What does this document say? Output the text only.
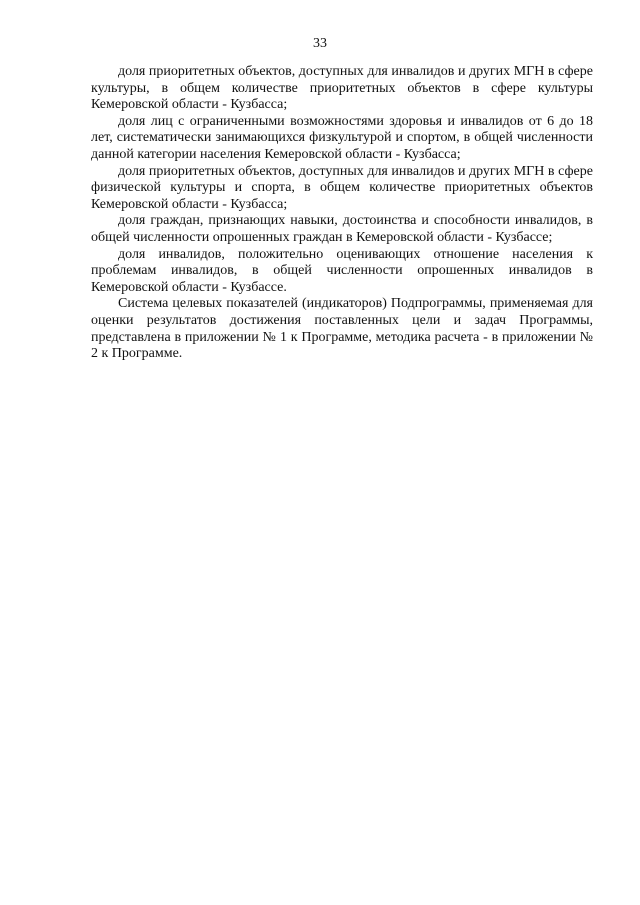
33

доля приоритетных объектов, доступных для инвалидов и других МГН в сфере культуры, в общем количестве приоритетных объектов в сфере культуры Кемеровской области - Кузбасса;

доля лиц с ограниченными возможностями здоровья и инвалидов от 6 до 18 лет, систематически занимающихся физкультурой и спортом, в общей численности данной категории населения Кемеровской области - Кузбасса;

доля приоритетных объектов, доступных для инвалидов и других МГН в сфере физической культуры и спорта, в общем количестве приоритетных объектов Кемеровской области - Кузбасса;

доля граждан, признающих навыки, достоинства и способности инвалидов, в общей численности опрошенных граждан в Кемеровской области - Кузбассе;

доля инвалидов, положительно оценивающих отношение населения к проблемам инвалидов, в общей численности опрошенных инвалидов в Кемеровской области - Кузбассе.

Система целевых показателей (индикаторов) Подпрограммы, применяемая для оценки результатов достижения поставленных цели и задач Программы, представлена в приложении № 1 к Программе, методика расчета - в приложении № 2 к Программе.
